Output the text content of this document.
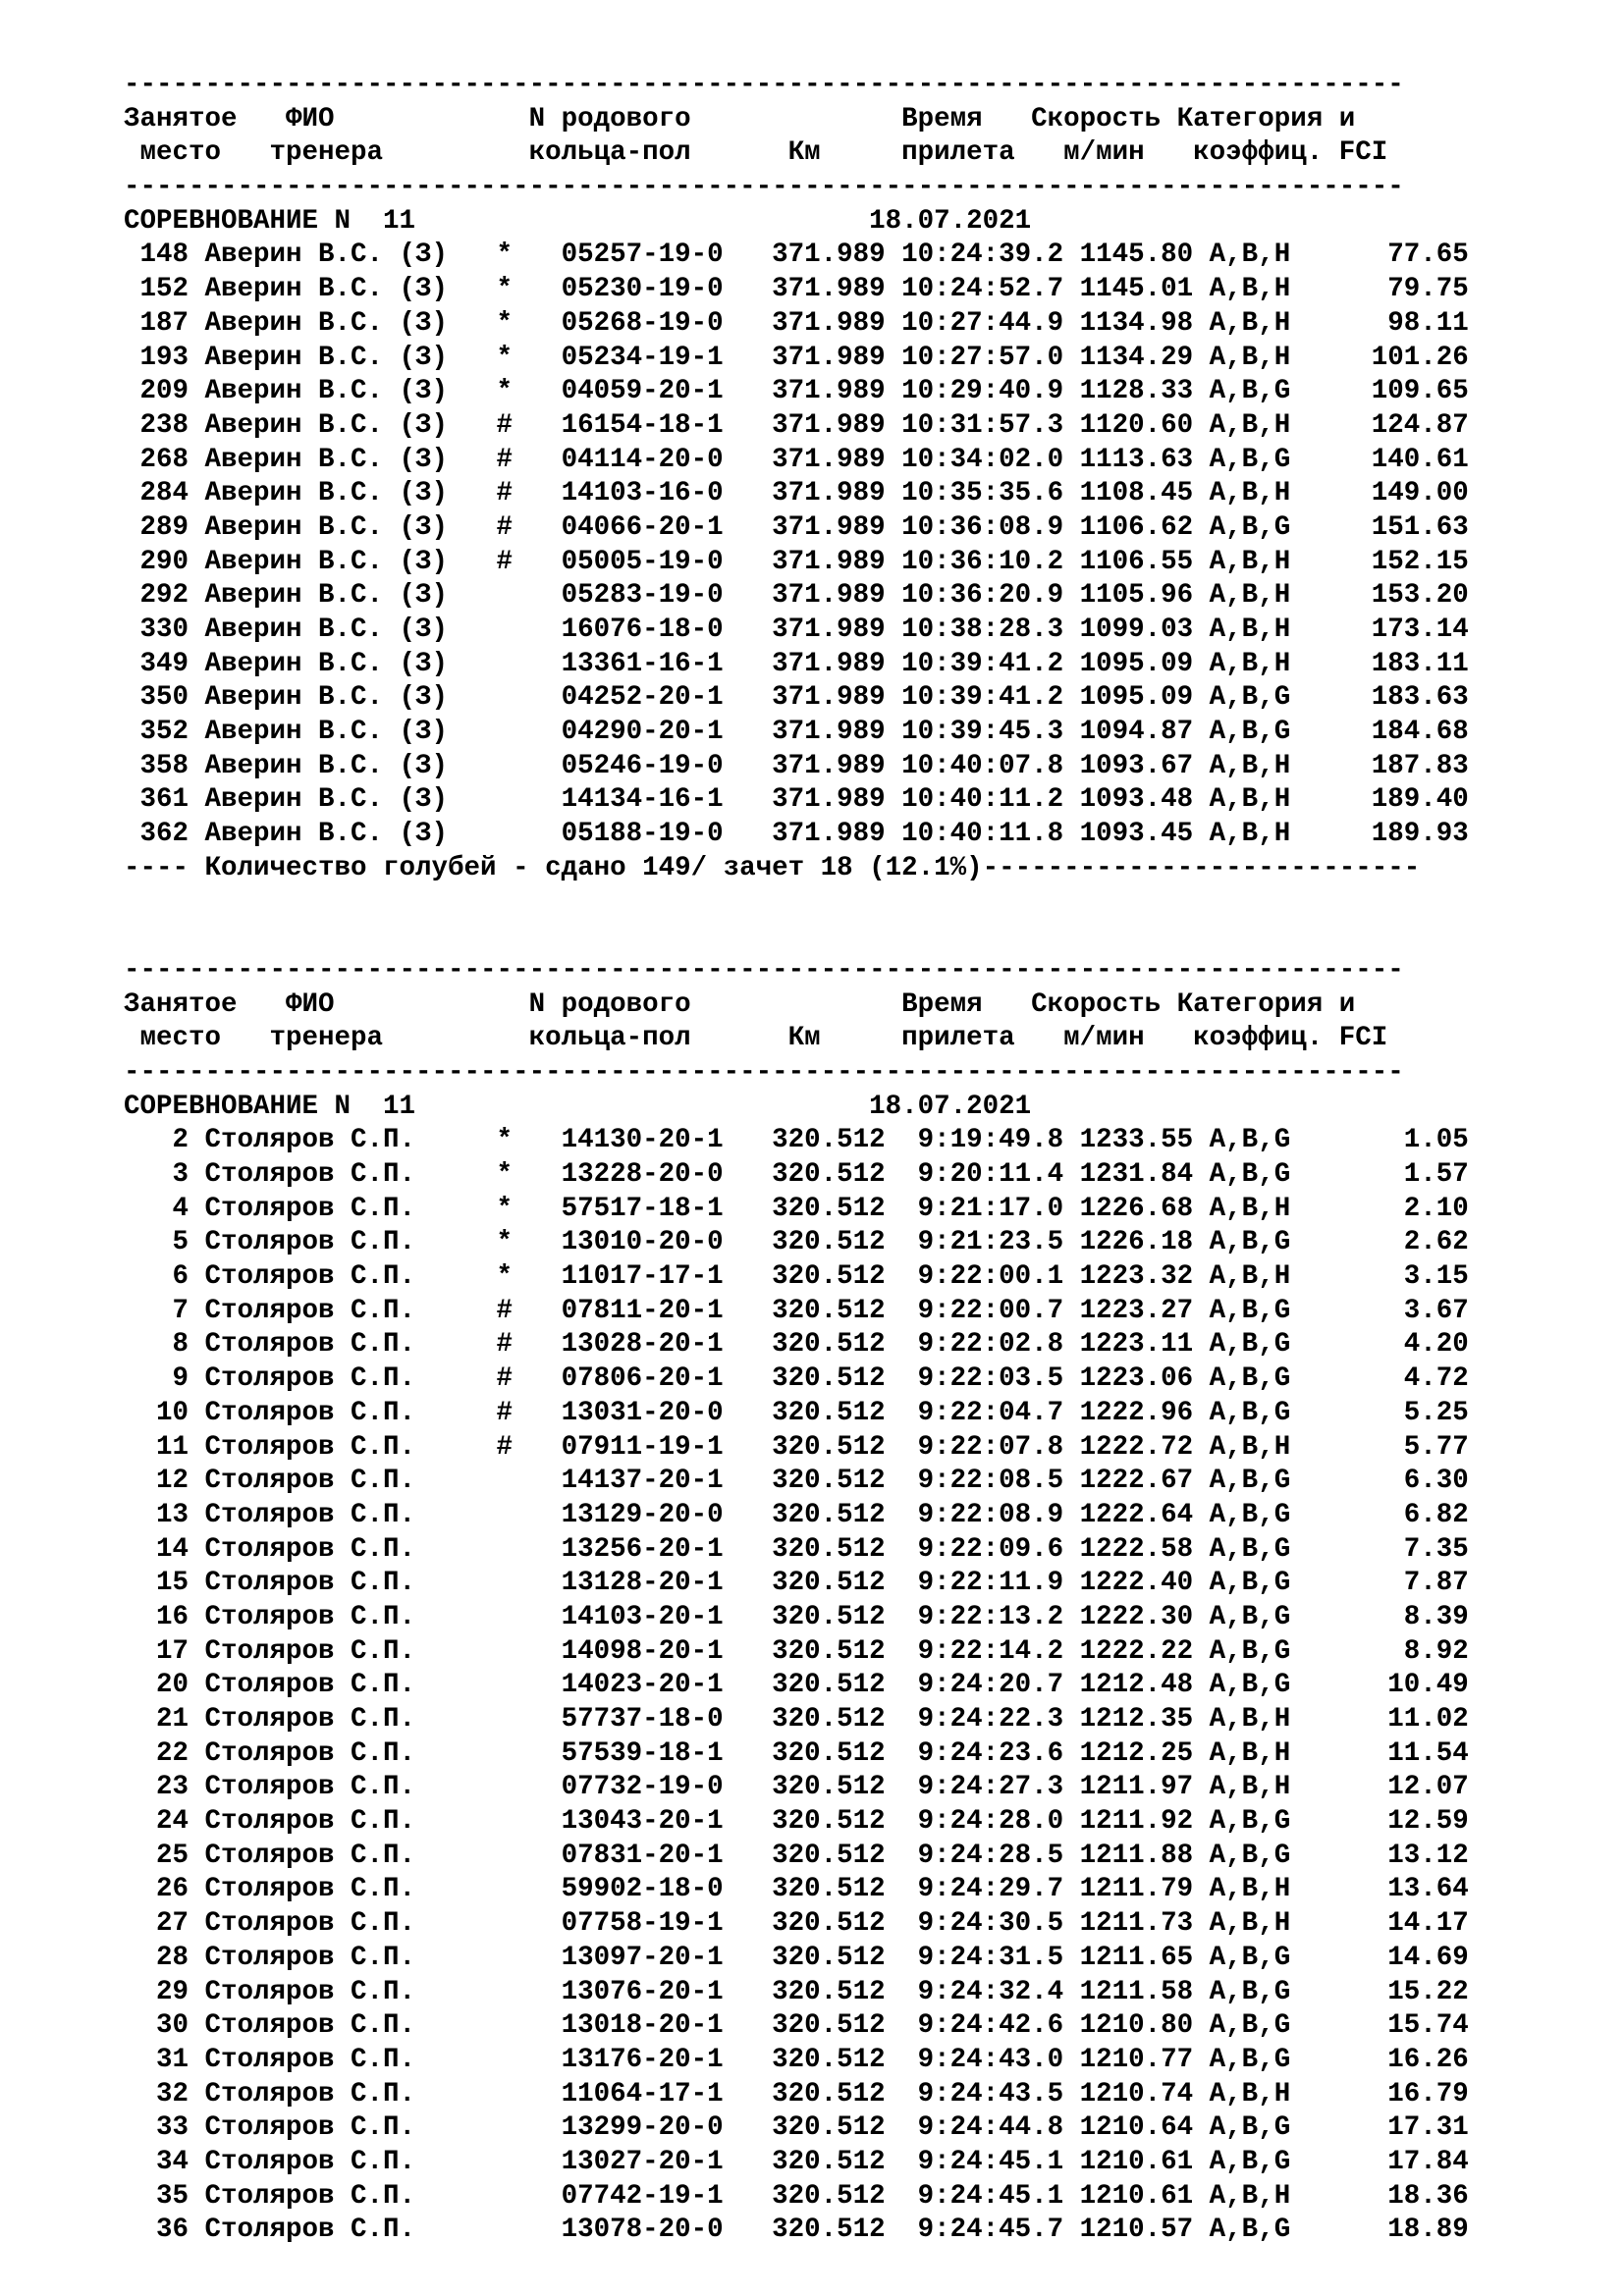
-------------------------------------------------------------------------------
Занятое   ФИО            N родового             Время   Скорость Категория и
место   тренера         кольца-пол      Км     прилета   м/мин   коэффиц. FCI
-------------------------------------------------------------------------------
СОРЕВНОВАНИЕ N  11                            18.07.2021
148 Аверин В.С. (З)   *   05257-19-0   371.989 10:24:39.2 1145.80 A,B,H      77.65
152 Аверин В.С. (З)   *   05230-19-0   371.989 10:24:52.7 1145.01 A,B,H      79.75
187 Аверин В.С. (З)   *   05268-19-0   371.989 10:27:44.9 1134.98 A,B,H      98.11
193 Аверин В.С. (З)   *   05234-19-1   371.989 10:27:57.0 1134.29 A,B,H     101.26
209 Аверин В.С. (З)   *   04059-20-1   371.989 10:29:40.9 1128.33 A,B,G     109.65
238 Аверин В.С. (З)   #   16154-18-1   371.989 10:31:57.3 1120.60 A,B,H     124.87
268 Аверин В.С. (З)   #   04114-20-0   371.989 10:34:02.0 1113.63 A,B,G     140.61
284 Аверин В.С. (З)   #   14103-16-0   371.989 10:35:35.6 1108.45 A,B,H     149.00
289 Аверин В.С. (З)   #   04066-20-1   371.989 10:36:08.9 1106.62 A,B,G     151.63
290 Аверин В.С. (З)   #   05005-19-0   371.989 10:36:10.2 1106.55 A,B,H     152.15
292 Аверин В.С. (З)       05283-19-0   371.989 10:36:20.9 1105.96 A,B,H     153.20
330 Аверин В.С. (З)       16076-18-0   371.989 10:38:28.3 1099.03 A,B,H     173.14
349 Аверин В.С. (З)       13361-16-1   371.989 10:39:41.2 1095.09 A,B,H     183.11
350 Аверин В.С. (З)       04252-20-1   371.989 10:39:41.2 1095.09 A,B,G     183.63
352 Аверин В.С. (З)       04290-20-1   371.989 10:39:45.3 1094.87 A,B,G     184.68
358 Аверин В.С. (З)       05246-19-0   371.989 10:40:07.8 1093.67 A,B,H     187.83
361 Аверин В.С. (З)       14134-16-1   371.989 10:40:11.2 1093.48 A,B,H     189.40
362 Аверин В.С. (З)       05188-19-0   371.989 10:40:11.8 1093.45 A,B,H     189.93
---- Количество голубей - сдано 149/ зачет 18 (12.1%)---------------------------
-------------------------------------------------------------------------------
Занятое   ФИО            N родового             Время   Скорость Категория и
место   тренера         кольца-пол      Км     прилета   м/мин   коэффиц. FCI
-------------------------------------------------------------------------------
СОРЕВНОВАНИЕ N  11                            18.07.2021
2 Столяров С.П.     *   14130-20-1   320.512  9:19:49.8 1233.55 A,B,G       1.05
3 Столяров С.П.     *   13228-20-0   320.512  9:20:11.4 1231.84 A,B,G       1.57
4 Столяров С.П.     *   57517-18-1   320.512  9:21:17.0 1226.68 A,B,H       2.10
5 Столяров С.П.     *   13010-20-0   320.512  9:21:23.5 1226.18 A,B,G       2.62
6 Столяров С.П.     *   11017-17-1   320.512  9:22:00.1 1223.32 A,B,H       3.15
7 Столяров С.П.     #   07811-20-1   320.512  9:22:00.7 1223.27 A,B,G       3.67
8 Столяров С.П.     #   13028-20-1   320.512  9:22:02.8 1223.11 A,B,G       4.20
9 Столяров С.П.     #   07806-20-1   320.512  9:22:03.5 1223.06 A,B,G       4.72
10 Столяров С.П.     #   13031-20-0   320.512  9:22:04.7 1222.96 A,B,G       5.25
11 Столяров С.П.     #   07911-19-1   320.512  9:22:07.8 1222.72 A,B,H       5.77
12 Столяров С.П.         14137-20-1   320.512  9:22:08.5 1222.67 A,B,G       6.30
13 Столяров С.П.         13129-20-0   320.512  9:22:08.9 1222.64 A,B,G       6.82
14 Столяров С.П.         13256-20-1   320.512  9:22:09.6 1222.58 A,B,G       7.35
15 Столяров С.П.         13128-20-1   320.512  9:22:11.9 1222.40 A,B,G       7.87
16 Столяров С.П.         14103-20-1   320.512  9:22:13.2 1222.30 A,B,G       8.39
17 Столяров С.П.         14098-20-1   320.512  9:22:14.2 1222.22 A,B,G       8.92
20 Столяров С.П.         14023-20-1   320.512  9:24:20.7 1212.48 A,B,G      10.49
21 Столяров С.П.         57737-18-0   320.512  9:24:22.3 1212.35 A,B,H      11.02
22 Столяров С.П.         57539-18-1   320.512  9:24:23.6 1212.25 A,B,H      11.54
23 Столяров С.П.         07732-19-0   320.512  9:24:27.3 1211.97 A,B,H      12.07
24 Столяров С.П.         13043-20-1   320.512  9:24:28.0 1211.92 A,B,G      12.59
25 Столяров С.П.         07831-20-1   320.512  9:24:28.5 1211.88 A,B,G      13.12
26 Столяров С.П.         59902-18-0   320.512  9:24:29.7 1211.79 A,B,H      13.64
27 Столяров С.П.         07758-19-1   320.512  9:24:30.5 1211.73 A,B,H      14.17
28 Столяров С.П.         13097-20-1   320.512  9:24:31.5 1211.65 A,B,G      14.69
29 Столяров С.П.         13076-20-1   320.512  9:24:32.4 1211.58 A,B,G      15.22
30 Столяров С.П.         13018-20-1   320.512  9:24:42.6 1210.80 A,B,G      15.74
31 Столяров С.П.         13176-20-1   320.512  9:24:43.0 1210.77 A,B,G      16.26
32 Столяров С.П.         11064-17-1   320.512  9:24:43.5 1210.74 A,B,H      16.79
33 Столяров С.П.         13299-20-0   320.512  9:24:44.8 1210.64 A,B,G      17.31
34 Столяров С.П.         13027-20-1   320.512  9:24:45.1 1210.61 A,B,G      17.84
35 Столяров С.П.         07742-19-1   320.512  9:24:45.1 1210.61 A,B,H      18.36
36 Столяров С.П.         13078-20-0   320.512  9:24:45.7 1210.57 A,B,G      18.89
